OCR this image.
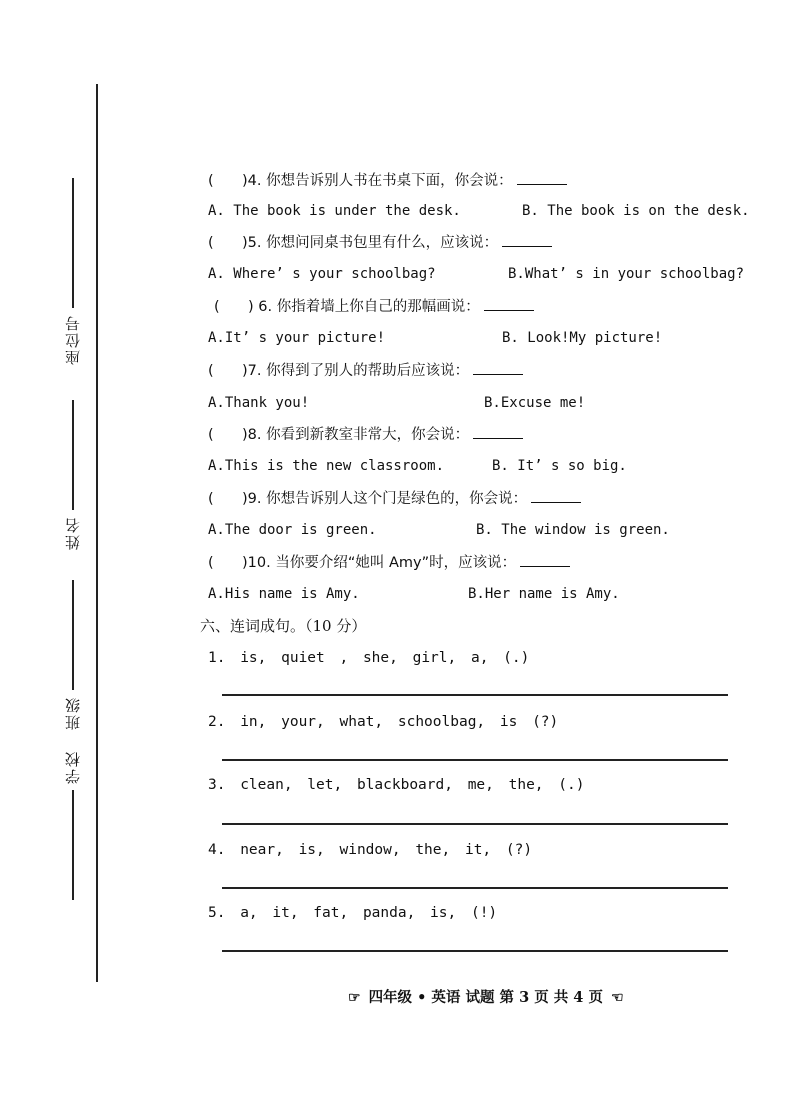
座位号
姓名
班级
学校
( )4. 你想告诉别人书在书桌下面，你会说：
A. The book is under the desk.	B. The book is on the desk.
( )5. 你想问同桌书包里有什么，应该说：
A. Where’ s your schoolbag?	B.What’ s in your schoolbag?
( ) 6. 你指着墙上你自己的那幅画说：
A.It’ s your picture!	B. Look!My picture!
( )7. 你得到了别人的帮助后应该说：
A.Thank you!	B.Excuse me!
( )8. 你看到新教室非常大，你会说：
A.This is the new classroom.	B. It’ s so big.
( )9. 你想告诉别人这个门是绿色的，你会说：
A.The door is green.	B. The window is green.
( )10. 当你要介绍“她叫 Amy”时，应该说：
A.His name is Amy.	B.Her name is Amy.
六、连词成句。（10 分）
1. is, quiet , she, girl, a, (.)
2. in, your, what, schoolbag, is (?)
3. clean, let, blackboard, me, the, (.)
4. near, is, window, the, it, (?)
5. a, it, fat, panda, is, (!)
☞ 四年级 • 英语 试题 第 3 页 共 4 页 ☜
